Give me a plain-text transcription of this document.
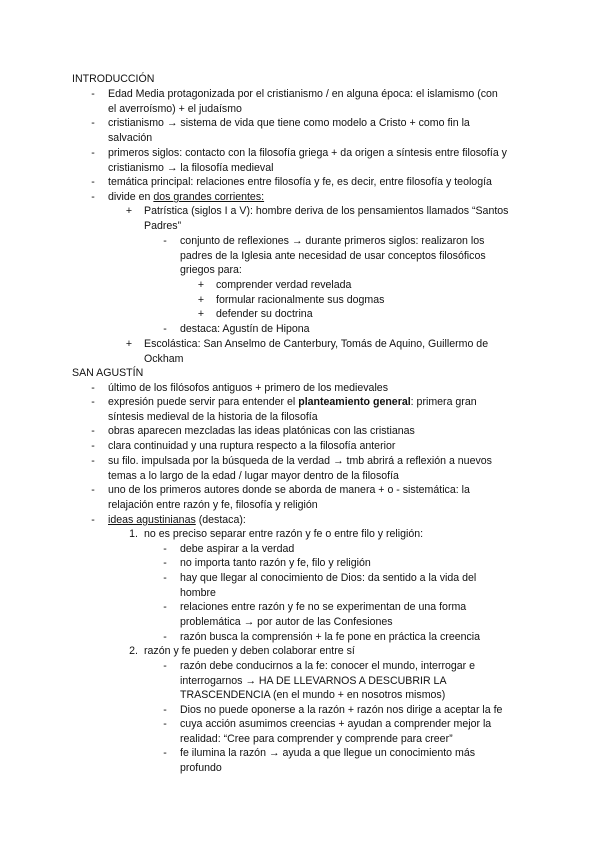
INTRODUCCIÓN
-	Edad Media protagonizada por el cristianismo / en alguna época: el islamismo (con
el averroísmo) + el judaísmo
-	cristianismo → sistema de vida que tiene como modelo a Cristo + como fin la
salvación
-	primeros siglos: contacto con la filosofía griega + da origen a síntesis entre filosofía y
cristianismo → la filosofía medieval
-	temática principal: relaciones entre filosofía y fe, es decir, entre filosofía y teología
-	divide en dos grandes corrientes:
+	Patrística (siglos I a V): hombre deriva de los pensamientos llamados “Santos
Padres”
-	conjunto de reflexiones → durante primeros siglos: realizaron los
padres de la Iglesia ante necesidad de usar conceptos filosóficos
griegos para:
+	comprender verdad revelada
+	formular racionalmente sus dogmas
+	defender su doctrina
-	destaca: Agustín de Hipona
+	Escolástica: San Anselmo de Canterbury, Tomás de Aquino, Guillermo de
Ockham
SAN AGUSTÍN
-	último de los filósofos antiguos + primero de los medievales
-	expresión puede servir para entender el planteamiento general: primera gran
síntesis medieval de la historia de la filosofía
-	obras aparecen mezcladas las ideas platónicas con las cristianas
-	clara continuidad y una ruptura respecto a la filosofía anterior
-	su filo. impulsada por la búsqueda de la verdad → tmb abrirá a reflexión a nuevos
temas a lo largo de la edad / lugar mayor dentro de la filosofía
-	uno de los primeros autores donde se aborda de manera + o - sistemática: la
relajación entre razón y fe, filosofía y religión
-	ideas agustinianas (destaca):
1. no es preciso separar entre razón y fe o entre filo y religión:
-	debe aspirar a la verdad
-	no importa tanto razón y fe, filo y religión
-	hay que llegar al conocimiento de Dios: da sentido a la vida del
hombre
-	relaciones entre razón y fe no se experimentan de una forma
problemática → por autor de las Confesiones
-	razón busca la comprensión + la fe pone en práctica la creencia
2. razón y fe pueden y deben colaborar entre sí
-	razón debe conducirnos a la fe: conocer el mundo, interrogar e
interrogarnos → HA DE LLEVARNOS A DESCUBRIR LA
TRASCENDENCIA (en el mundo + en nosotros mismos)
-	Dios no puede oponerse a la razón + razón nos dirige a aceptar la fe
-	cuya acción asumimos creencias + ayudan a comprender mejor la
realidad: “Cree para comprender y comprende para creer”
-	fe ilumina la razón → ayuda a que llegue un conocimiento más
profundo
